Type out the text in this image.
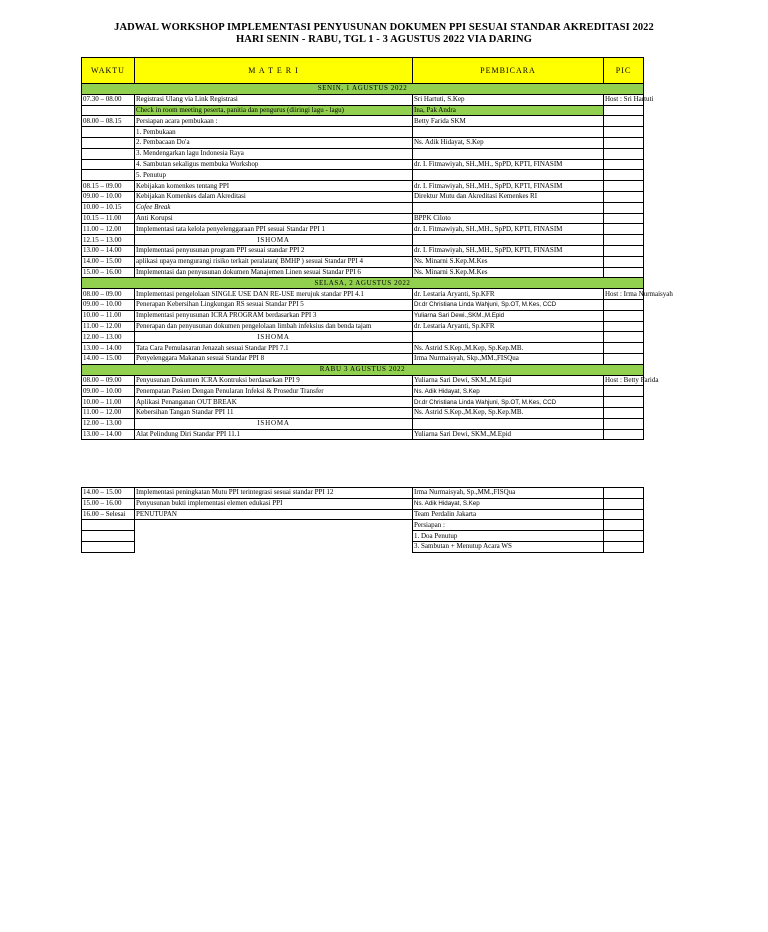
JADWAL WORKSHOP IMPLEMENTASI PENYUSUNAN DOKUMEN PPI SESUAI STANDAR AKREDITASI 2022
HARI SENIN - RABU, TGL 1 - 3 AGUSTUS 2022 VIA DARING
WAKTU	M A T E R I	PEMBICARA	PIC
SENIN, 1 AGUSTUS 2022			
07.30 – 08.00	Registrasi Ulang via Link Registrasi	Sri Hartuti, S.Kep	Host : Sri Hartuti
	Check in room meeting peserta, panitia dan pengurus (diiringi lagu - lagu)	Ina, Pak Andra	
08.00 – 08.15	Persiapan acara pembukaan :	Betty Farida SKM	
	1. Pembukaan		
	2. Pembacaan Do'a	Ns. Adik Hidayat, S.Kep	
	3. Mendengarkan lagu Indonesia Raya		
	4. Sambutan sekaligus membuka Workshop	dr. I. Fitmawiyah, SH.,MH., SpPD, KPTI, FINASIM	
	5. Penutup		
08.15 – 09.00	Kebijakan komenkes tentang PPI	dr. I. Fitmawiyah, SH.,MH., SpPD, KPTI, FINASIM	
09.00 – 10.00	Kebijakan Komenkes dalam Akreditasi	Direktur Mutu dan Akreditasi Kemenkes RI	
10.00 – 10.15	Cofee Break		
10.15 – 11.00	Anti Korupsi	BPPK Ciloto	
11.00 – 12.00	Implementasi tata kelola penyelenggaraan PPI sesuai Standar PPI 1	dr. I. Fitmawiyah, SH.,MH., SpPD, KPTI, FINASIM	
12.15 – 13.00	ISHOMA		
13.00 – 14.00	Implementasi penyusunan program PPI sesuai standar PPI 2	dr. I. Fitmawiyah, SH.,MH., SpPD, KPTI, FINASIM	
14.00 – 15.00	aplikasi upaya mengurangi risiko terkait peralatan( BMHP ) sesuai Standar PPI 4	Ns. Minarni S.Kep.M.Kes	
15.00 – 16.00	Implementasi dan penyusunan dokumen Manajemen Linen sesuai Standar PPI 6	Ns. Minarni S.Kep.M.Kes	
SELASA, 2 AGUSTUS 2022			
08.00 – 09.00	Implementasi pengelolaan SINGLE USE DAN RE-USE merujuk standar PPI 4.1	dr. Lestaria Aryanti, Sp.KFR	Host : Irma Nurmaisyah
09.00 – 10.00	Penerapan Kebersihan Lingkungan RS sesuai Standar PPI 5	Dr.dr Christiana Linda Wahjuni, Sp.OT, M.Kes, CCD	
10.00 – 11.00	Implementasi penyusunan ICRA PROGRAM berdasarkan PPI 3	Yuliarna Sari Dewi.,SKM.,M.Epid	
11.00 – 12.00	Penerapan dan penyusunan dokumen pengelolaan limbah infeksius dan benda tajam	dr. Lestaria Aryanti, Sp.KFR	
12.00 – 13.00	ISHOMA		
13.00 – 14.00	Tata Cara Pemulasaran Jenazah sesuai Standar PPI 7.1	Ns. Astrid S.Kep.,M.Kep, Sp.Kep.MB.	
14.00 – 15.00	Penyelenggara Makanan sesuai Standar PPI 8	Irma Nurmaisyah, Skp.,MM.,FISQua	
RABU 3 AGUSTUS 2022			
08.00 – 09.00	Penyusunan Dokumen ICRA Kontruksi berdasarkan PPI 9	Yuliarna Sari Dewi, SKM.,M.Epid	Host : Betty Farida
09.00 – 10.00	Penempatan Pasien Dengan Penularan Infeksi & Prosedur Transfer	Ns. Adik Hidayat, S.Kep	
10.00 – 11.00	Aplikasi Penanganan OUT BREAK	Dr.dr Christiana Linda Wahjuni, Sp.OT, M.Kes, CCD	
11.00 – 12.00	Kebersihan Tangan Standar PPI 11	Ns. Astrid S.Kep.,M.Kep, Sp.Kep.MB.	
12.00 – 13.00	ISHOMA		
13.00 – 14.00	Alat Pelindung Diri Standar PPI 11.1	Yuliarna Sari Dewi, SKM.,M.Epid	
14.00 – 15.00	Implementasi peningkatan Mutu PPI terintegrasi sesuai standar PPI 12	Irma Nurmaisyah, Sp.,MM.,FISQua	
15.00 – 16.00	Penyusunan bukti implementasi elemen edukasi PPI	Ns. Adik Hidayat, S.Kep	
16.00 – Selesai	PENUTUPAN	Team Perdalin Jakarta	
		Persiapan :	
		1. Doa Penutup	
		3. Sambutan + Menutup Acara WS	
